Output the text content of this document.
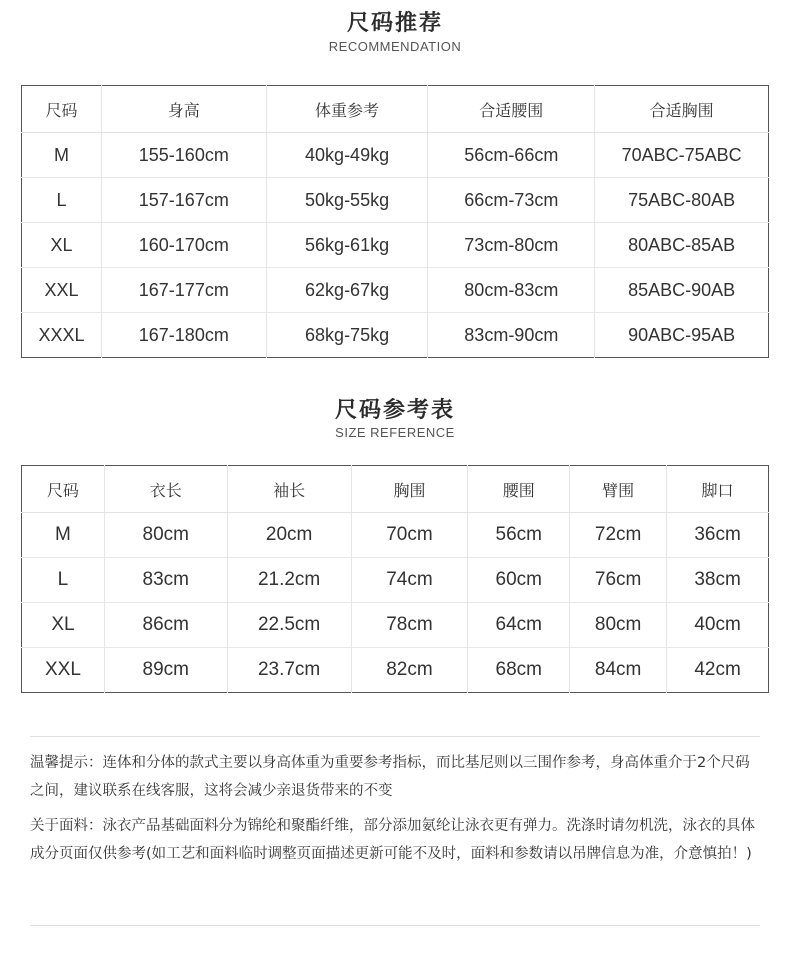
尺码推荐
RECOMMENDATION
尺码	身高	体重参考	合适腰围	合适胸围
M	155-160cm	40kg-49kg	56cm-66cm	70ABC-75ABC
L	157-167cm	50kg-55kg	66cm-73cm	75ABC-80AB
XL	160-170cm	56kg-61kg	73cm-80cm	80ABC-85AB
XXL	167-177cm	62kg-67kg	80cm-83cm	85ABC-90AB
XXXL	167-180cm	68kg-75kg	83cm-90cm	90ABC-95AB
尺码参考表
SIZE REFERENCE
尺码	衣长	袖长	胸围	腰围	臂围	脚口
M	80cm	20cm	70cm	56cm	72cm	36cm
L	83cm	21.2cm	74cm	60cm	76cm	38cm
XL	86cm	22.5cm	78cm	64cm	80cm	40cm
XXL	89cm	23.7cm	82cm	68cm	84cm	42cm
温馨提示：连体和分体的款式主要以身高体重为重要参考指标，而比基尼则以三围作参考，身高体重介于2个尺码之间，建议联系在线客服，这将会减少亲退货带来的不变
关于面料：泳衣产品基础面料分为锦纶和聚酯纤维，部分添加氨纶让泳衣更有弹力。洗涤时请勿机洗，泳衣的具体成分页面仅供参考(如工艺和面料临时调整页面描述更新可能不及时，面料和参数请以吊牌信息为准，介意慎拍！)
